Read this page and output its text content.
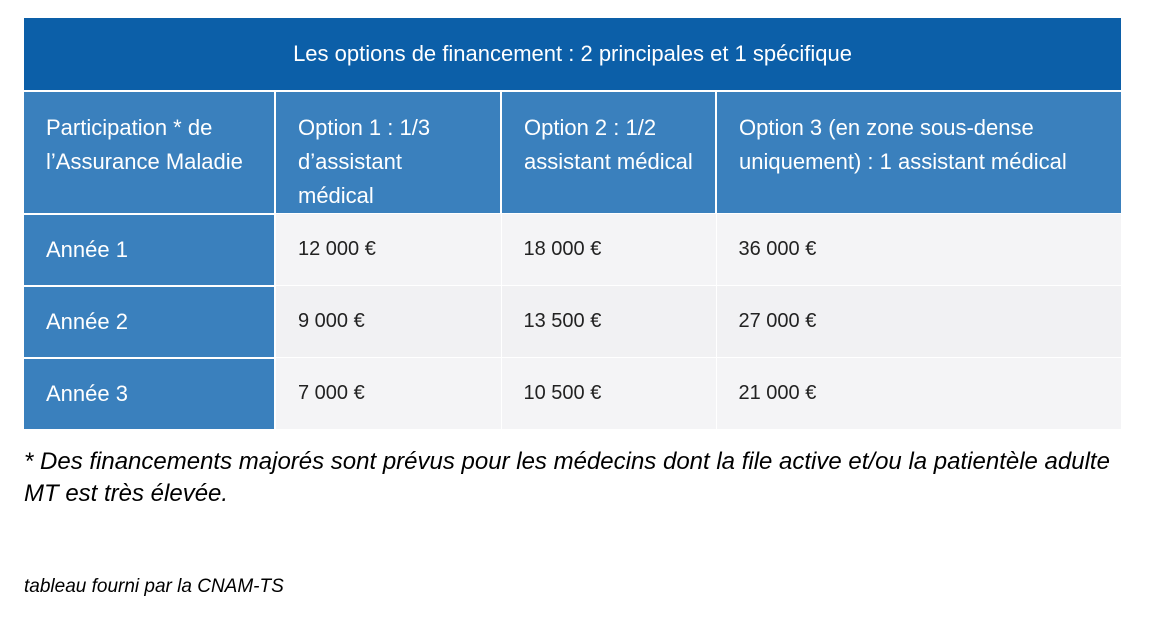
Les options de financement : 2 principales et 1 spécifique			
Participation * de l’Assurance Maladie	Option 1 : 1/3 d’assistant médical	Option 2 : 1/2 assistant médical	Option 3 (en zone sous-dense uniquement) : 1 assistant médical
Année 1	12 000 €	18 000 €	36 000 €
Année 2	9 000 €	13 500 €	27 000 €
Année 3	7 000 €	10 500 €	21 000 €
* Des financements majorés sont prévus pour les médecins dont la file active et/ou la patientèle adulte MT est très élevée.
tableau fourni par la CNAM-TS
